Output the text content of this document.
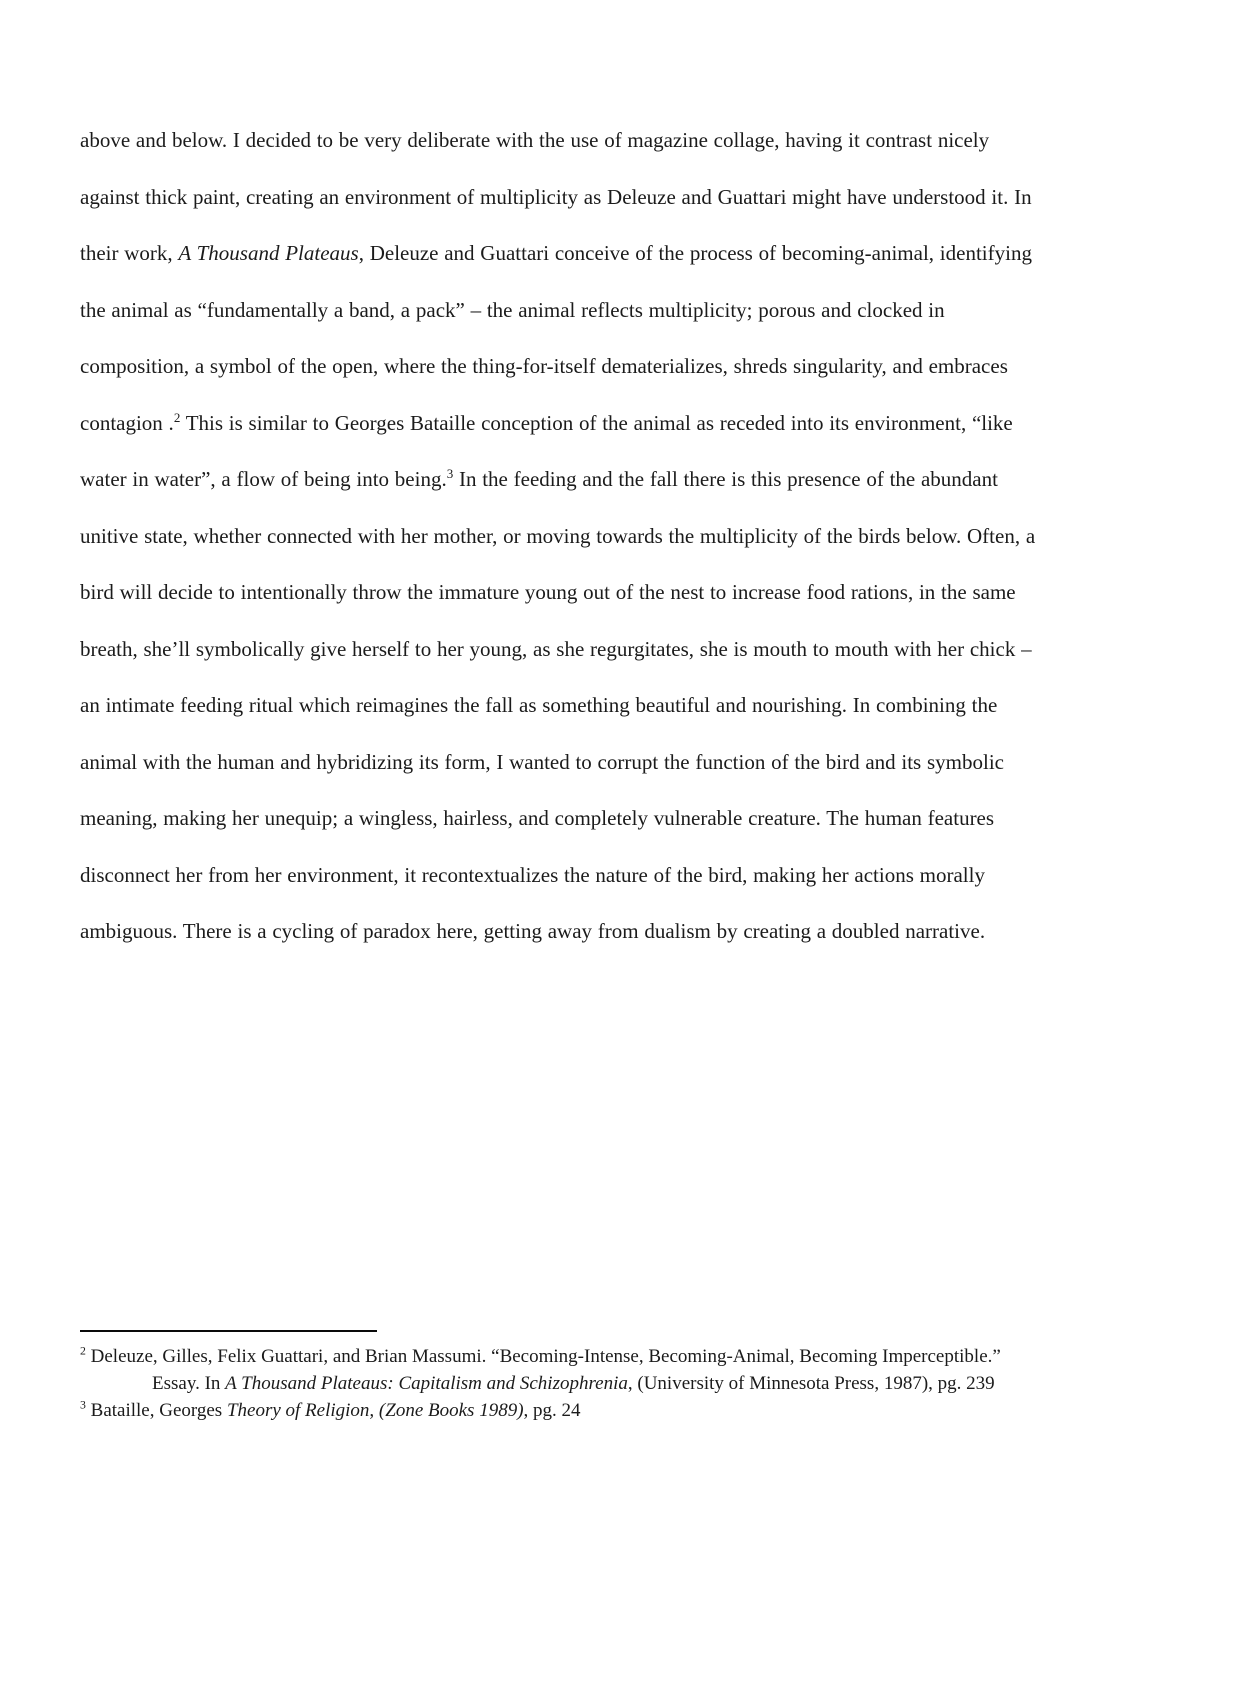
above and below. I decided to be very deliberate with the use of magazine collage, having it contrast nicely against thick paint, creating an environment of multiplicity as Deleuze and Guattari might have understood it. In their work, A Thousand Plateaus, Deleuze and Guattari conceive of the process of becoming-animal, identifying the animal as “fundamentally a band, a pack” – the animal reflects multiplicity; porous and clocked in composition, a symbol of the open, where the thing-for-itself dematerializes, shreds singularity, and embraces contagion .$^2$ This is similar to Georges Bataille conception of the animal as receded into its environment, “like water in water”, a flow of being into being.$^3$ In the feeding and the fall there is this presence of the abundant unitive state, whether connected with her mother, or moving towards the multiplicity of the birds below. Often, a bird will decide to intentionally throw the immature young out of the nest to increase food rations, in the same breath, she’ll symbolically give herself to her young, as she regurgitates, she is mouth to mouth with her chick – an intimate feeding ritual which reimagines the fall as something beautiful and nourishing. In combining the animal with the human and hybridizing its form, I wanted to corrupt the function of the bird and its symbolic meaning, making her unequip; a wingless, hairless, and completely vulnerable creature. The human features disconnect her from her environment, it recontextualizes the nature of the bird, making her actions morally ambiguous. There is a cycling of paradox here, getting away from dualism by creating a doubled narrative.
$^2$ Deleuze, Gilles, Felix Guattari, and Brian Massumi. “Becoming-Intense, Becoming-Animal, Becoming Imperceptible.” Essay. In A Thousand Plateaus: Capitalism and Schizophrenia, (University of Minnesota Press, 1987), pg. 239
$^3$ Bataille, Georges Theory of Religion, (Zone Books 1989), pg. 24
